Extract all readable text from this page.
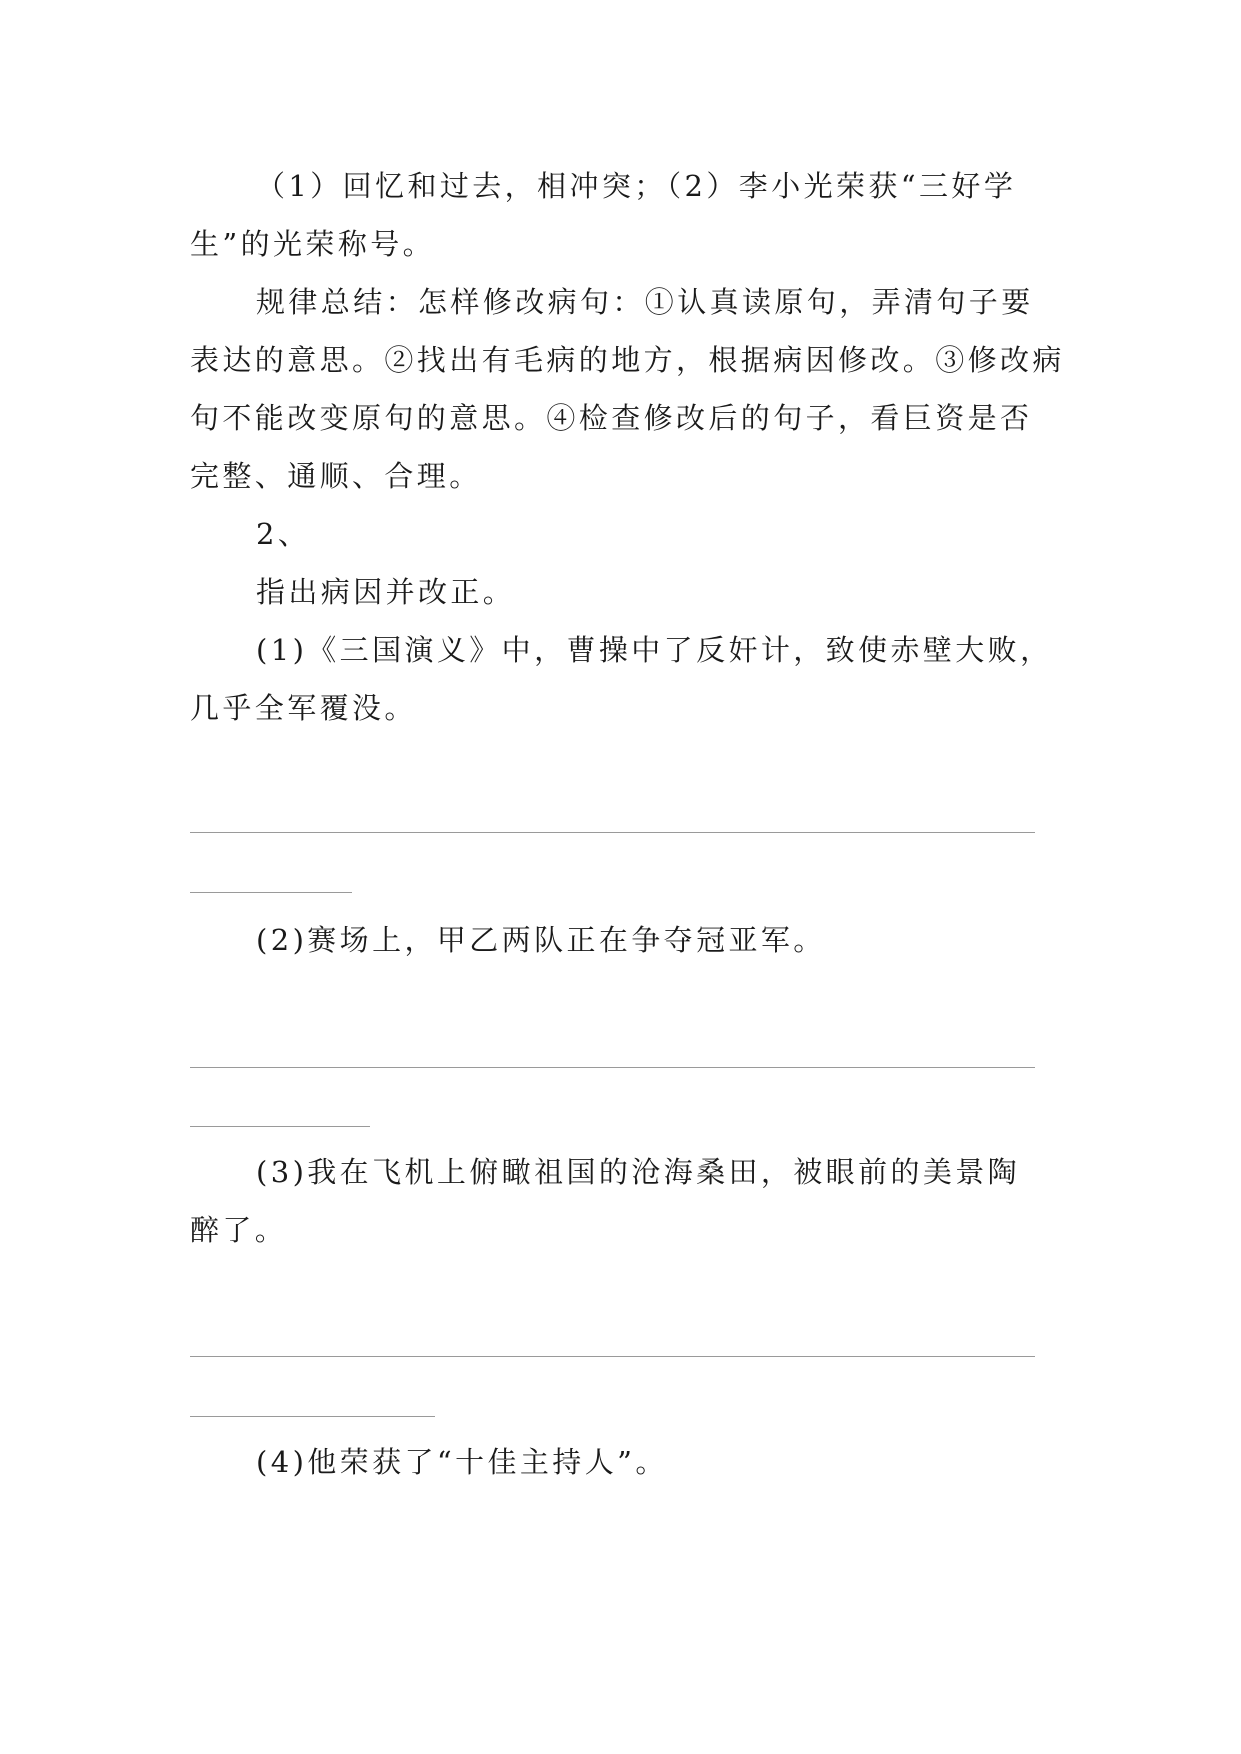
（1）回忆和过去，相冲突；（2）李小光荣获“三好学
生”的光荣称号。
规律总结：怎样修改病句：①认真读原句，弄清句子要
表达的意思。②找出有毛病的地方，根据病因修改。③修改病
句不能改变原句的意思。④检查修改后的句子，看巨资是否
完整、通顺、合理。
2、
指出病因并改正。
(1)《三国演义》中，曹操中了反奸计，致使赤壁大败，
几乎全军覆没。
(2)赛场上，甲乙两队正在争夺冠亚军。
(3)我在飞机上俯瞰祖国的沧海桑田，被眼前的美景陶
醉了。
(4)他荣获了“十佳主持人”。
